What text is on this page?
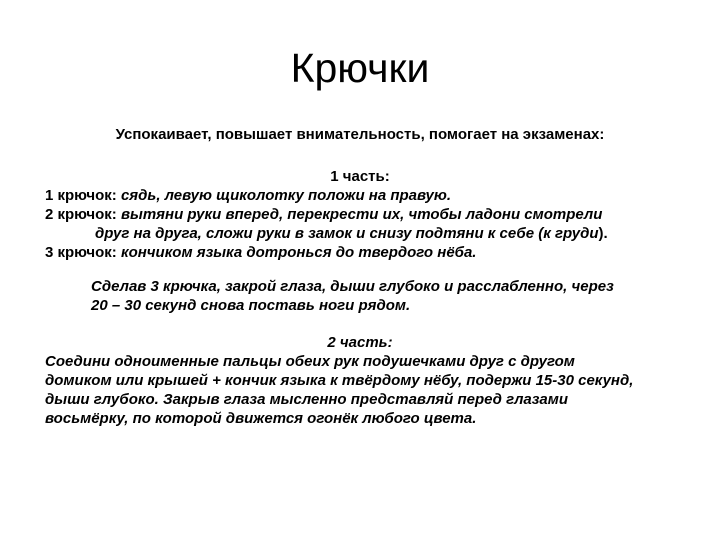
Крючки
Успокаивает, повышает внимательность, помогает на экзаменах:
1 часть:
1 крючок: сядь, левую щиколотку положи на правую.
2 крючок: вытяни руки вперед, перекрести их, чтобы ладони смотрели
друг на друга, сложи руки в замок и снизу подтяни к себе (к груди).
3 крючок: кончиком языка дотронься до твердого нёба.
Сделав 3 крючка, закрой глаза, дыши глубоко и расслабленно, через
20 – 30 секунд снова поставь ноги рядом.
2 часть:
Соедини одноименные пальцы обеих рук подушечками друг с другом
домиком или крышей + кончик языка к твёрдому нёбу, подержи 15-30 секунд,
дыши глубоко. Закрыв глаза мысленно представляй перед глазами
восьмёрку, по которой движется огонёк любого цвета.
